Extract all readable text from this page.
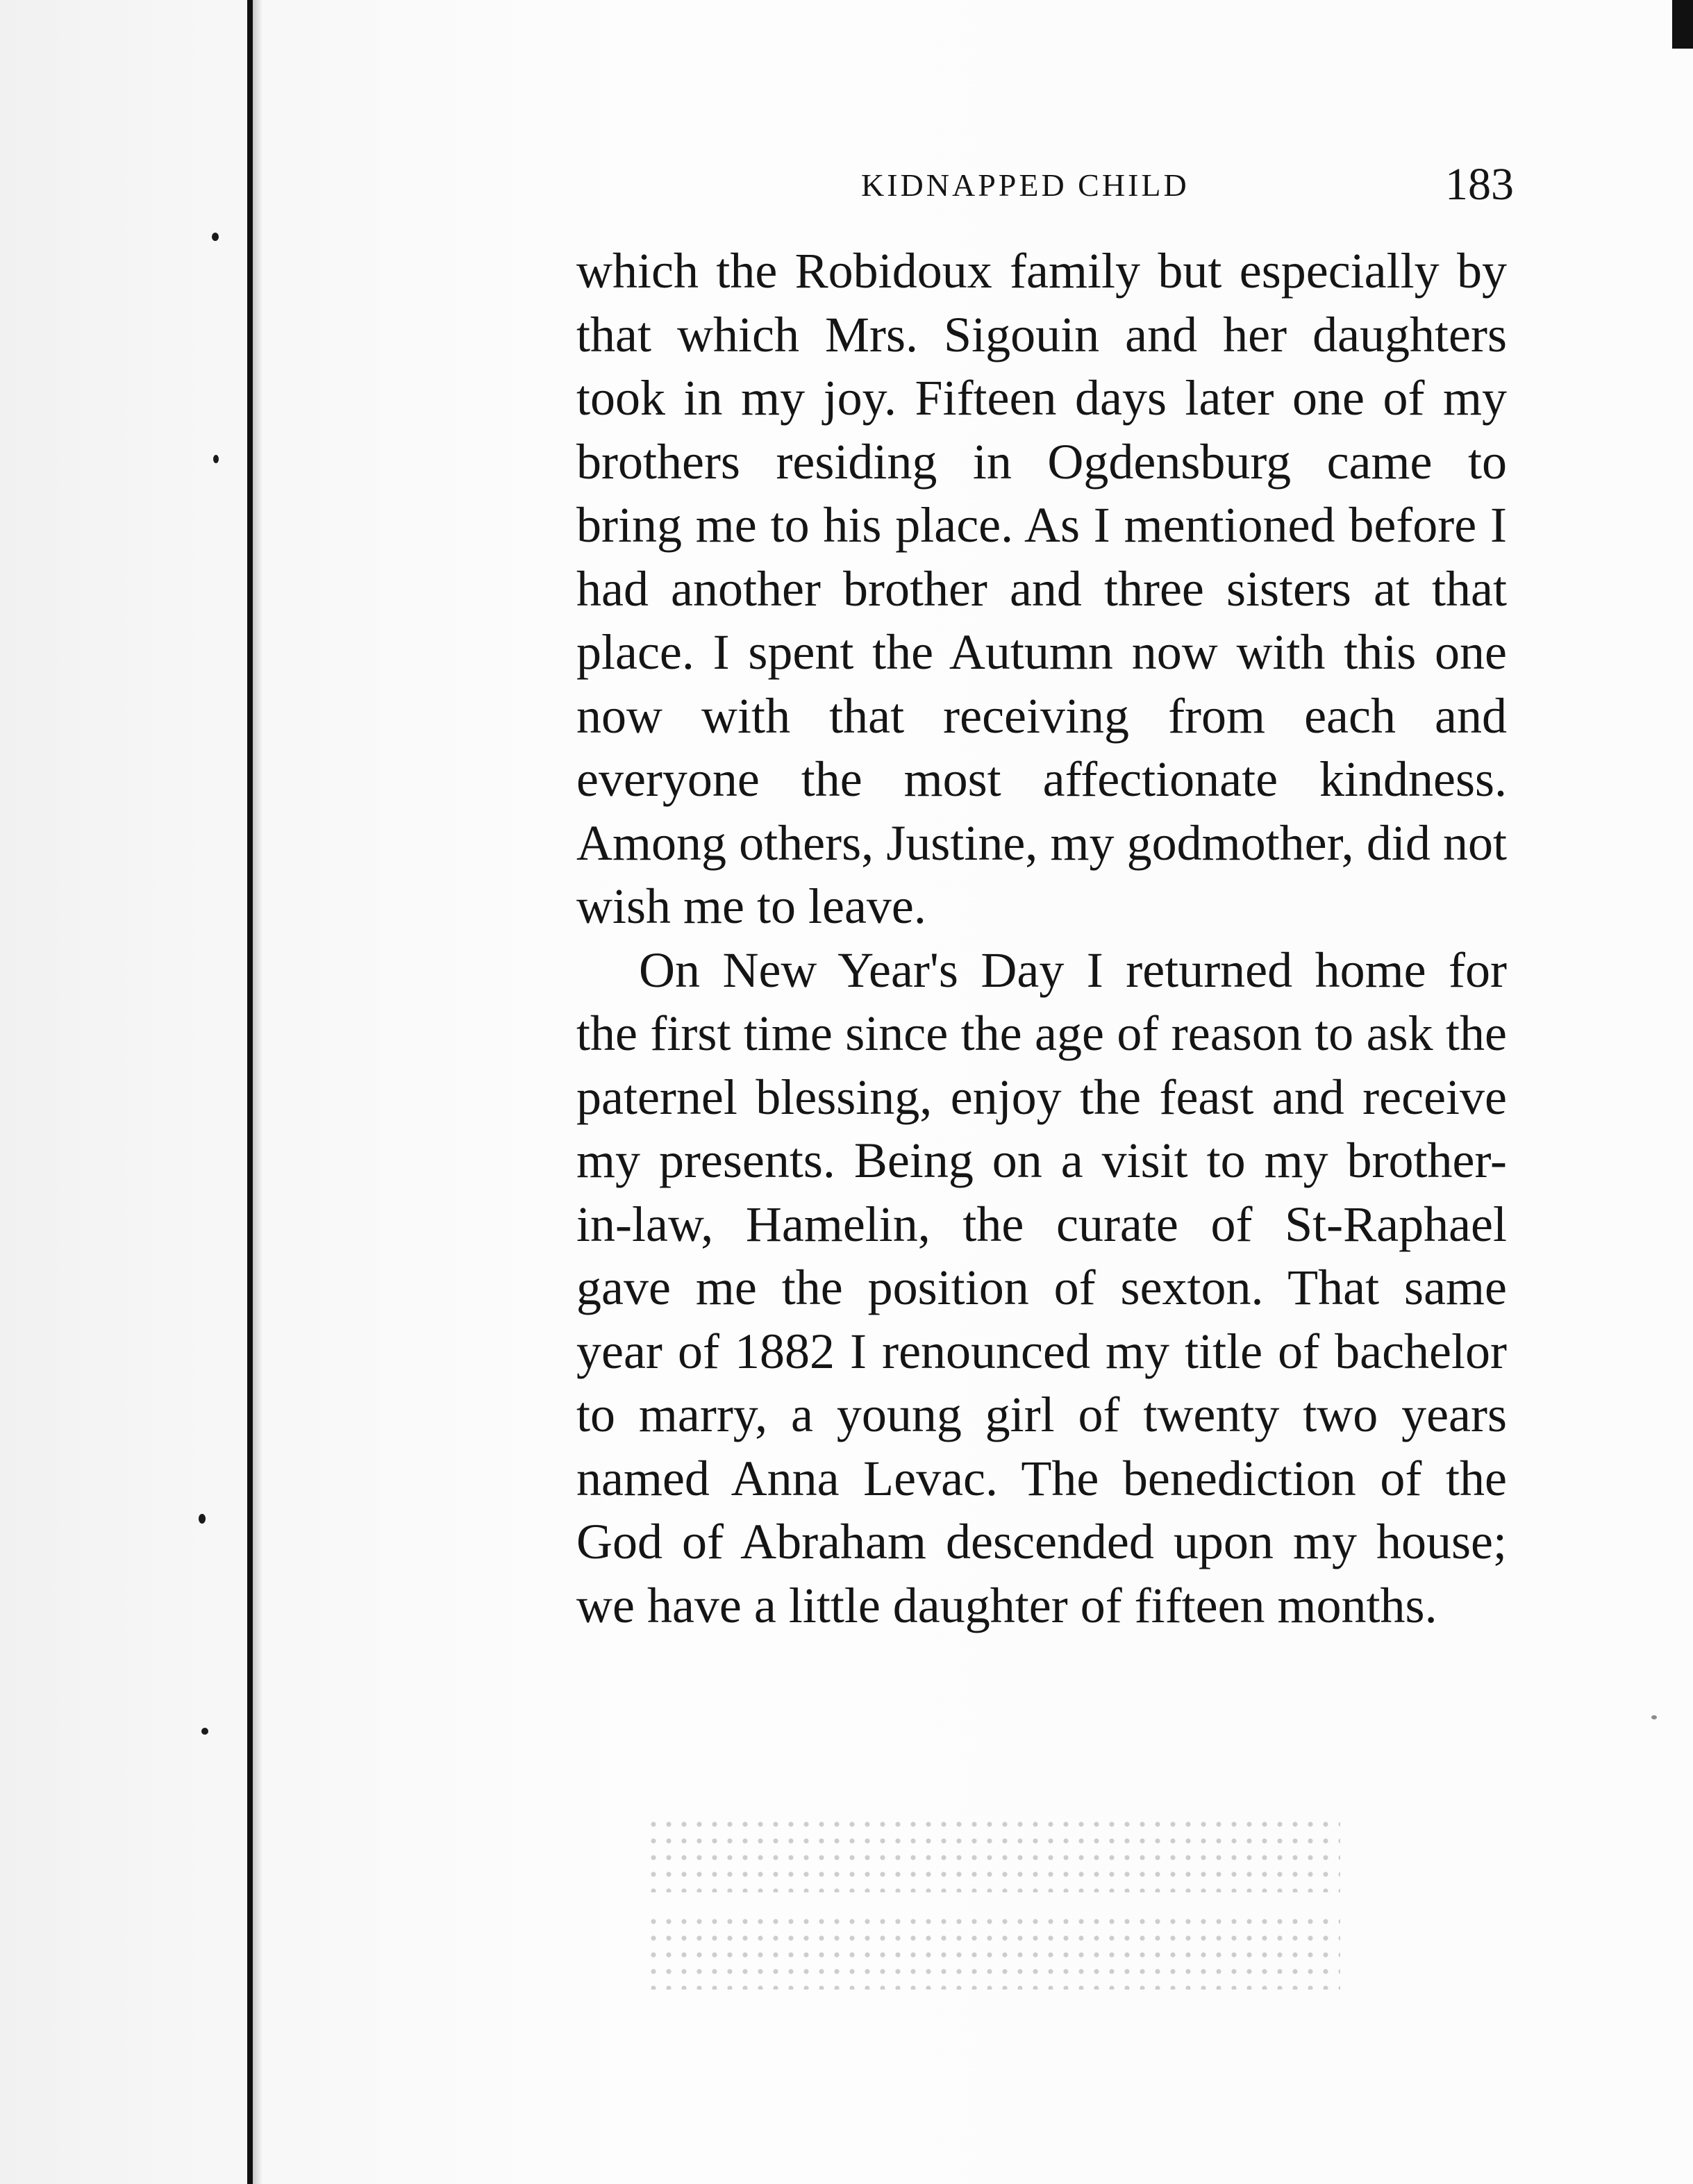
KIDNAPPED CHILD	183

which the Robidoux family but especially by that which Mrs. Sigouin and her daughters took in my joy. Fifteen days later one of my brothers residing in Ogdensburg came to bring me to his place. As I mentioned before I had another brother and three sisters at that place. I spent the Autumn now with this one now with that receiving from each and everyone the most affectionate kindness. Among others, Justine, my godmother, did not wish me to leave.

On New Year's Day I returned home for the first time since the age of reason to ask the paternel blessing, enjoy the feast and receive my presents. Being on a visit to my brother-in-law, Hamelin, the curate of St-Raphael gave me the position of sexton. That same year of 1882 I renounced my title of bachelor to marry, a young girl of twenty two years named Anna Levac. The benediction of the God of Abraham descended upon my house; we have a little daughter of fifteen months.
